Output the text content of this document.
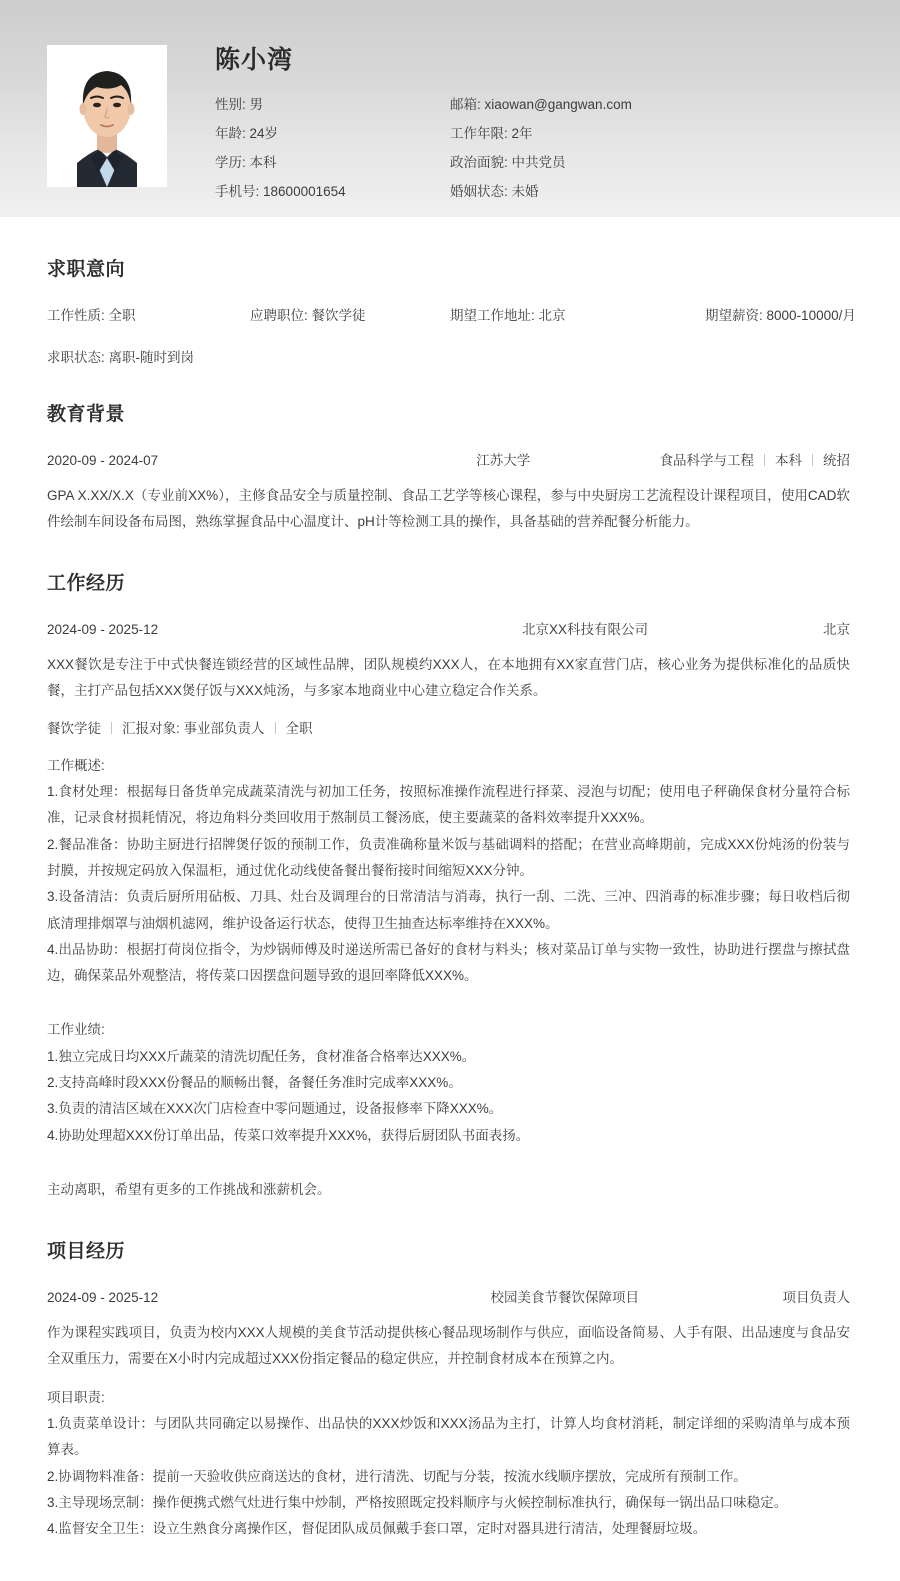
陈小湾
性别: 男	邮箱: xiaowan@gangwan.com
年龄: 24岁	工作年限: 2年
学历: 本科	政治面貌: 中共党员
手机号: 18600001654	婚姻状态: 未婚
求职意向
工作性质: 全职	应聘职位: 餐饮学徒	期望工作地址: 北京	期望薪资: 8000-10000/月
求职状态: 离职-随时到岗
教育背景
2020-09 - 2024-07	江苏大学	食品科学与工程 本科 统招

GPA X.XX/X.X（专业前XX%），主修食品安全与质量控制、食品工艺学等核心课程，参与中央厨房工艺流程设计课程项目，使用CAD软件绘制车间设备布局图，熟练掌握食品中心温度计、pH计等检测工具的操作，具备基础的营养配餐分析能力。

工作经历
2024-09 - 2025-12	北京XX科技有限公司	北京

XXX餐饮是专注于中式快餐连锁经营的区域性品牌，团队规模约XXX人，在本地拥有XX家直营门店，核心业务为提供标准化的品质快餐，主打产品包括XXX煲仔饭与XXX炖汤，与多家本地商业中心建立稳定合作关系。

餐饮学徒 汇报对象: 事业部负责人 全职

工作概述:

1.食材处理：根据每日备货单完成蔬菜清洗与初加工任务，按照标准操作流程进行择菜、浸泡与切配；使用电子秤确保食材分量符合标准，记录食材损耗情况，将边角料分类回收用于熬制员工餐汤底，使主要蔬菜的备料效率提升XXX%。

2.餐品准备：协助主厨进行招牌煲仔饭的预制工作，负责准确称量米饭与基础调料的搭配；在营业高峰期前，完成XXX份炖汤的份装与封膜，并按规定码放入保温柜，通过优化动线使备餐出餐衔接时间缩短XXX分钟。

3.设备清洁：负责后厨所用砧板、刀具、灶台及调理台的日常清洁与消毒，执行一刮、二洗、三冲、四消毒的标准步骤；每日收档后彻底清理排烟罩与油烟机滤网，维护设备运行状态，使得卫生抽查达标率维持在XXX%。

4.出品协助：根据打荷岗位指令，为炒锅师傅及时递送所需已备好的食材与料头；核对菜品订单与实物一致性，协助进行摆盘与擦拭盘边，确保菜品外观整洁，将传菜口因摆盘问题导致的退回率降低XXX%。

工作业绩:

1.独立完成日均XXX斤蔬菜的清洗切配任务，食材准备合格率达XXX%。

2.支持高峰时段XXX份餐品的顺畅出餐，备餐任务准时完成率XXX%。

3.负责的清洁区域在XXX次门店检查中零问题通过，设备报修率下降XXX%。

4.协助处理超XXX份订单出品，传菜口效率提升XXX%，获得后厨团队书面表扬。

主动离职，希望有更多的工作挑战和涨薪机会。

项目经历
2024-09 - 2025-12	校园美食节餐饮保障项目	项目负责人

作为课程实践项目，负责为校内XXX人规模的美食节活动提供核心餐品现场制作与供应，面临设备简易、人手有限、出品速度与食品安全双重压力，需要在X小时内完成超过XXX份指定餐品的稳定供应，并控制食材成本在预算之内。

项目职责:

1.负责菜单设计：与团队共同确定以易操作、出品快的XXX炒饭和XXX汤品为主打，计算人均食材消耗，制定详细的采购清单与成本预算表。

2.协调物料准备：提前一天验收供应商送达的食材，进行清洗、切配与分装，按流水线顺序摆放，完成所有预制工作。

3.主导现场烹制：操作便携式燃气灶进行集中炒制，严格按照既定投料顺序与火候控制标准执行，确保每一锅出品口味稳定。

4.监督安全卫生：设立生熟食分离操作区，督促团队成员佩戴手套口罩，定时对器具进行清洁，处理餐厨垃圾。
